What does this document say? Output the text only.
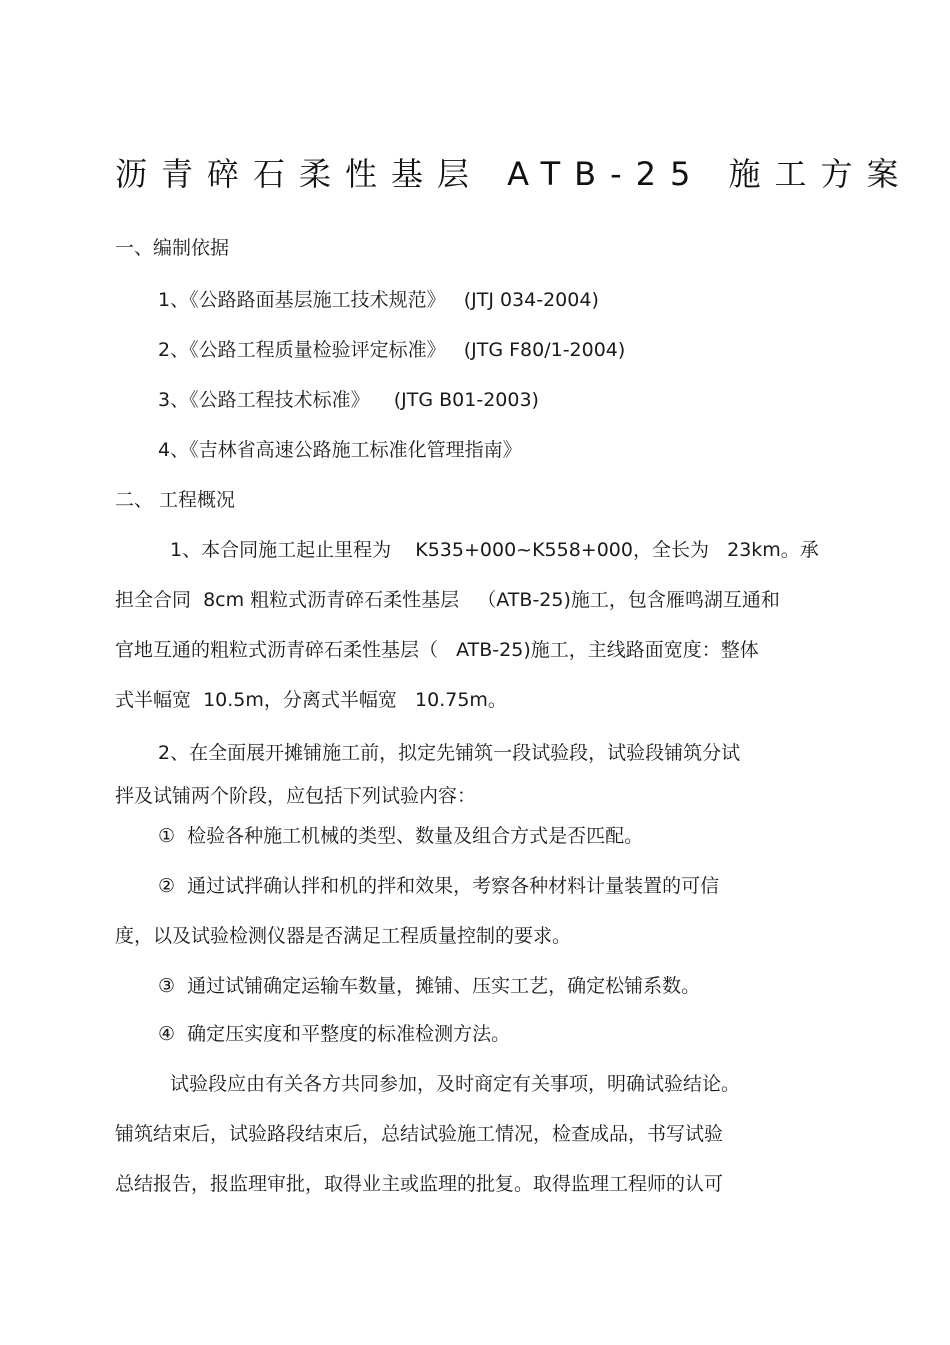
沥青碎石柔性基层 ATB-25 施工方案
一、编制依据
1、《公路路面基层施工技术规范》   (JTJ 034-2004)
2、《公路工程质量检验评定标准》   (JTG F80/1-2004)
3、《公路工程技术标准》    (JTG B01-2003)
4、《吉林省高速公路施工标准化管理指南》
二、 工程概况
1、本合同施工起止里程为    K535+000~K558+000，全长为   23km。承
担全合同  8cm 粗粒式沥青碎石柔性基层   （ATB-25)施工，包含雁鸣湖互通和
官地互通的粗粒式沥青碎石柔性基层（   ATB-25)施工，主线路面宽度：整体
式半幅宽  10.5m，分离式半幅宽   10.75m。
2、在全面展开摊铺施工前，拟定先铺筑一段试验段，试验段铺筑分试
拌及试铺两个阶段，应包括下列试验内容：
①  检验各种施工机械的类型、数量及组合方式是否匹配。
②  通过试拌确认拌和机的拌和效果，考察各种材料计量装置的可信
度，以及试验检测仪器是否满足工程质量控制的要求。
③  通过试铺确定运输车数量，摊铺、压实工艺，确定松铺系数。
④  确定压实度和平整度的标准检测方法。
试验段应由有关各方共同参加，及时商定有关事项，明确试验结论。
铺筑结束后，试验路段结束后，总结试验施工情况，检查成品，书写试验
总结报告，报监理审批，取得业主或监理的批复。取得监理工程师的认可
